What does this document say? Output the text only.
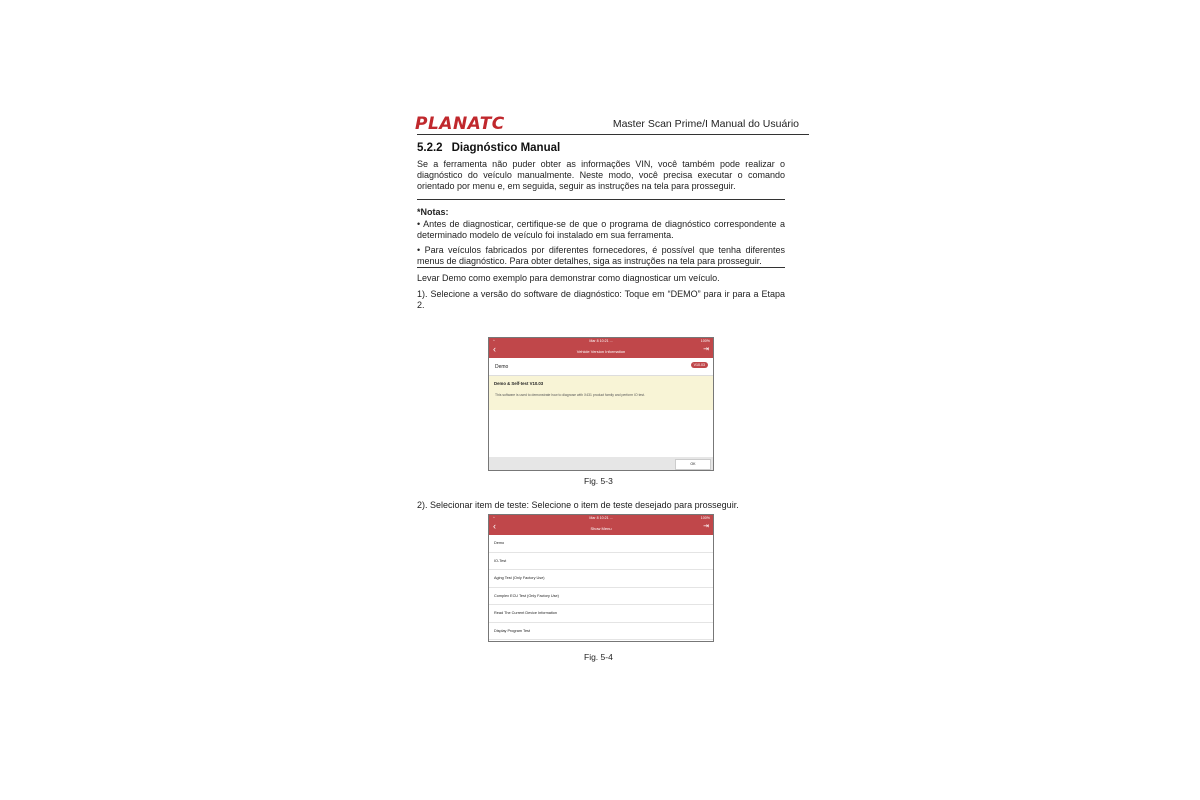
PLANATC	Master Scan Prime/I Manual do Usuário
5.2.2 Diagnóstico Manual

Se a ferramenta não puder obter as informações VIN, você também pode realizar o diagnóstico do veículo manualmente. Neste modo, você precisa executar o comando orientado por menu e, em seguida, seguir as instruções na tela para prosseguir.

*Notas:

• Antes de diagnosticar, certifique-se de que o programa de diagnóstico correspondente a determinado modelo de veículo foi instalado em sua ferramenta.

• Para veículos fabricados por diferentes fornecedores, é possível que tenha diferentes menus de diagnóstico. Para obter detalhes, siga as instruções na tela para prosseguir.

Levar Demo como exemplo para demonstrar como diagnosticar um veículo.

1). Selecione a versão do software de diagnóstico: Toque em “DEMO” para ir para a Etapa 2.

◦	Mar 8 10:21 ...	100%
‹	Vehicle Version Information	⇥
Demo	V10.03
Demo & Self-test V10.03
This software is used to demonstrate how to diagnose with X431 product family and perform IO test.
OK
Fig. 5-3

2). Selecionar item de teste: Selecione o item de teste desejado para prosseguir.

◦	Mar 8 10:21 ...	100%
‹	Show Menu	⇥
Demo
IO-Test
Aging Test (Only Factory Use)
Complex ECU Test (Only Factory Use)
Read The Current Device Information
Display Program Test
Fig. 5-4
